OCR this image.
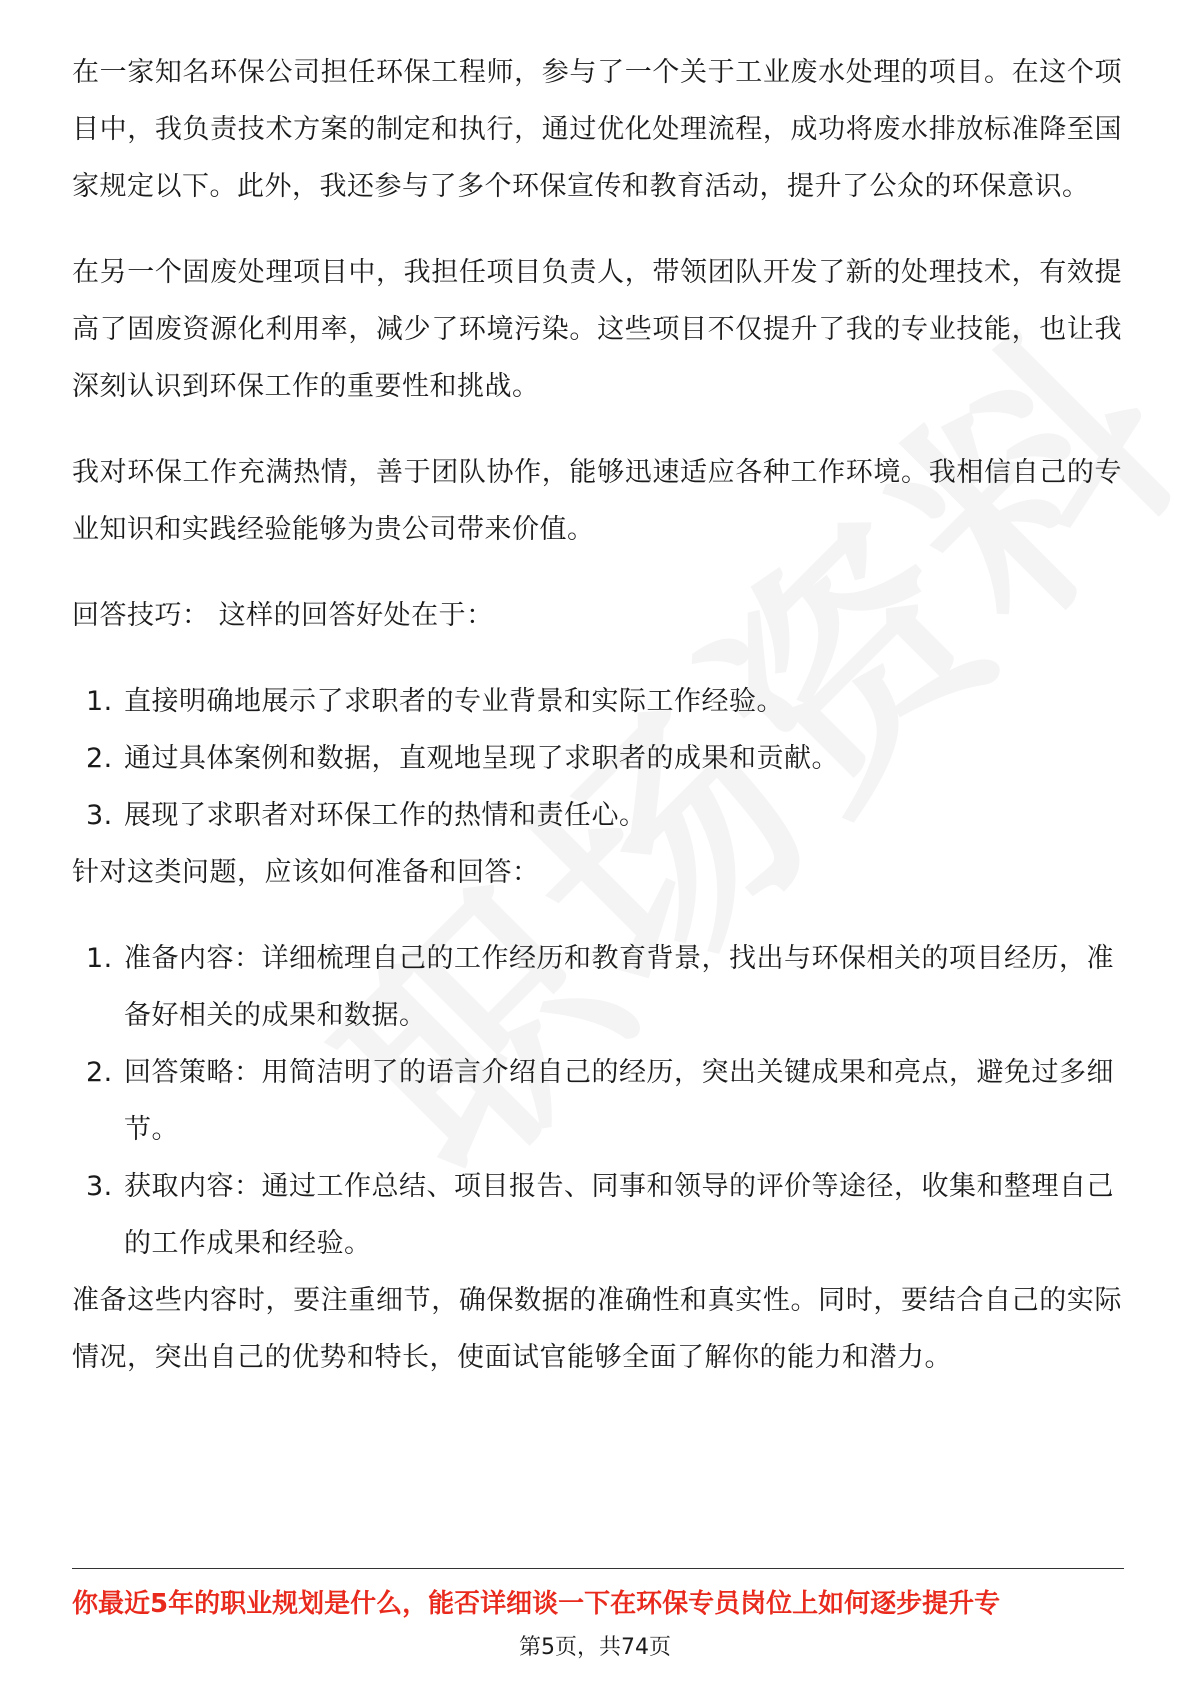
在一家知名环保公司担任环保工程师，参与了一个关于工业废水处理的项目。在这个项目中，我负责技术方案的制定和执行，通过优化处理流程，成功将废水排放标准降至国家规定以下。此外，我还参与了多个环保宣传和教育活动，提升了公众的环保意识。

在另一个固废处理项目中，我担任项目负责人，带领团队开发了新的处理技术，有效提高了固废资源化利用率，减少了环境污染。这些项目不仅提升了我的专业技能，也让我深刻认识到环保工作的重要性和挑战。

我对环保工作充满热情，善于团队协作，能够迅速适应各种工作环境。我相信自己的专业知识和实践经验能够为贵公司带来价值。

回答技巧： 这样的回答好处在于：

1. 直接明确地展示了求职者的专业背景和实际工作经验。
2. 通过具体案例和数据，直观地呈现了求职者的成果和贡献。
3. 展现了求职者对环保工作的热情和责任心。

针对这类问题，应该如何准备和回答：

1. 准备内容：详细梳理自己的工作经历和教育背景，找出与环保相关的项目经历，准备好相关的成果和数据。
2. 回答策略：用简洁明了的语言介绍自己的经历，突出关键成果和亮点，避免过多细节。
3. 获取内容：通过工作总结、项目报告、同事和领导的评价等途径，收集和整理自己的工作成果和经验。

准备这些内容时，要注重细节，确保数据的准确性和真实性。同时，要结合自己的实际情况，突出自己的优势和特长，使面试官能够全面了解你的能力和潜力。

你最近5年的职业规划是什么，能否详细谈一下在环保专员岗位上如何逐步提升专
第5页，共74页
